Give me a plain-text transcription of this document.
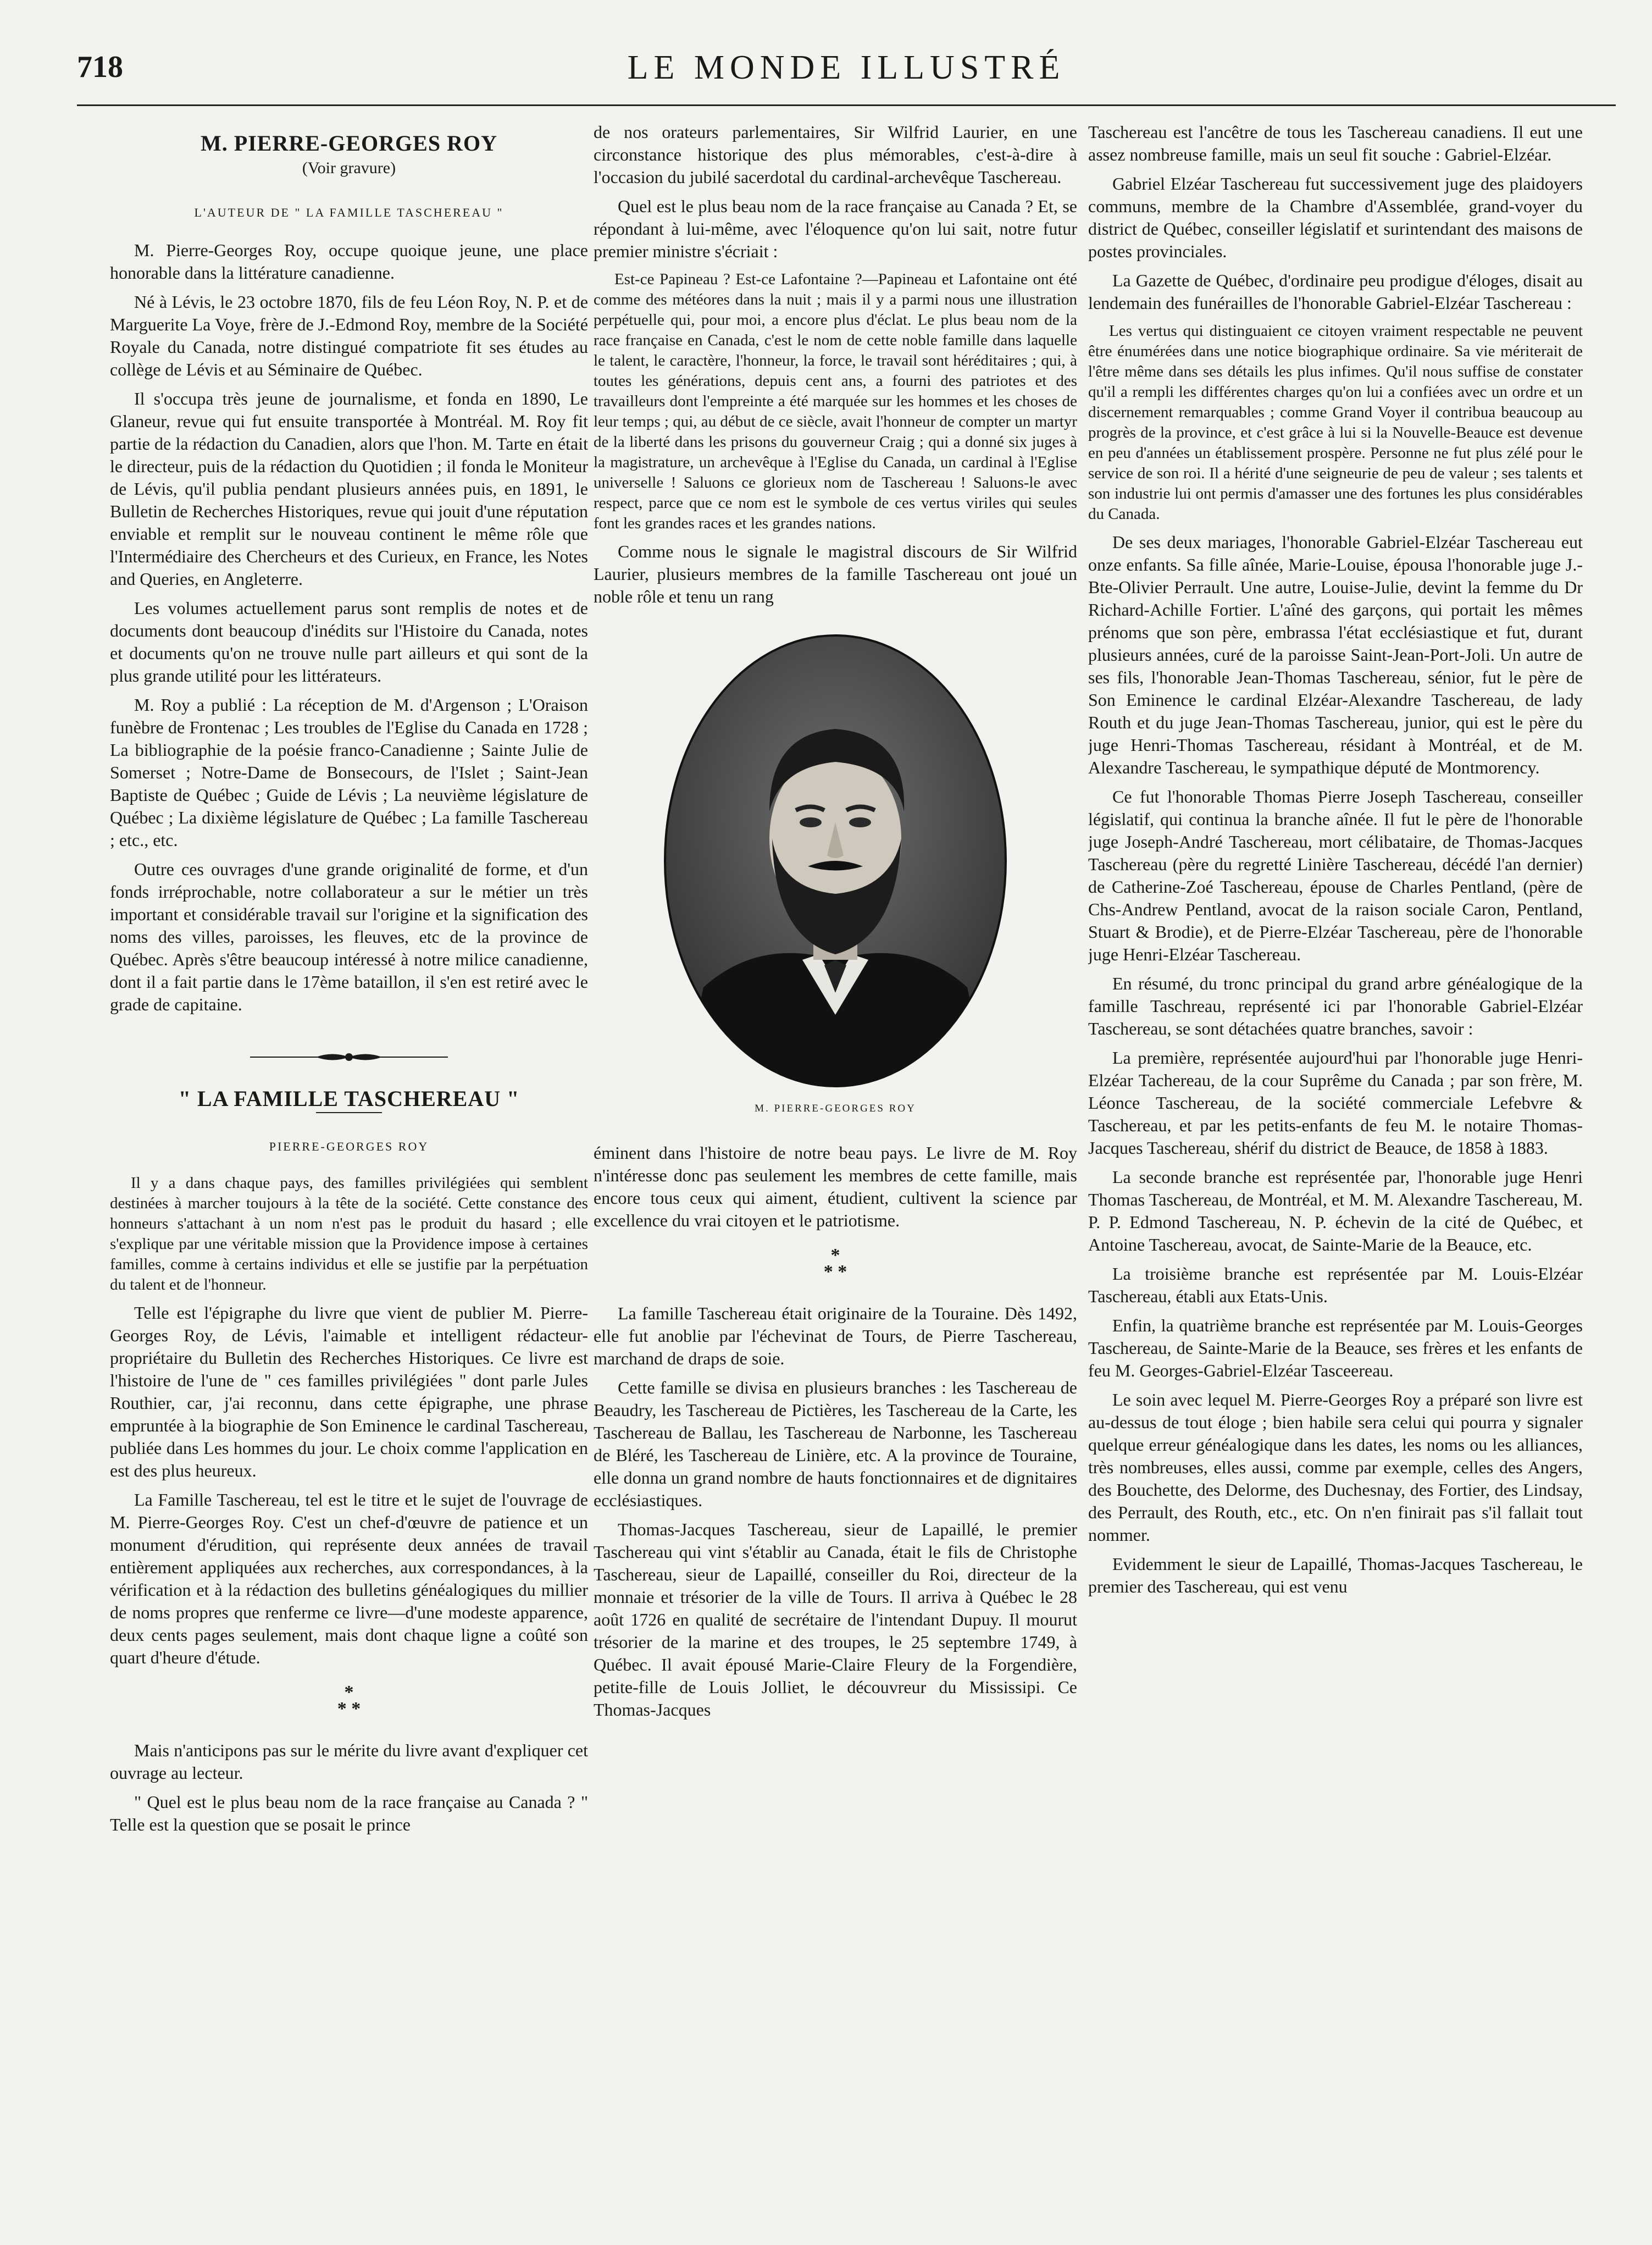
718	LE MONDE ILLUSTRÉ
M. PIERRE-GEORGES ROY
(Voir gravure)
L'AUTEUR DE " LA FAMILLE TASCHEREAU "

M. Pierre-Georges Roy, occupe quoique jeune, une place honorable dans la littérature canadienne.

Né à Lévis, le 23 octobre 1870, fils de feu Léon Roy, N. P. et de Marguerite La Voye, frère de J.-Edmond Roy, membre de la Société Royale du Canada, notre distingué compatriote fit ses études au collège de Lévis et au Séminaire de Québec.

Il s'occupa très jeune de journalisme, et fonda en 1890, Le Glaneur, revue qui fut ensuite transportée à Montréal. M. Roy fit partie de la rédaction du Canadien, alors que l'hon. M. Tarte en était le directeur, puis de la rédaction du Quotidien ; il fonda le Moniteur de Lévis, qu'il publia pendant plusieurs années puis, en 1891, le Bulletin de Recherches Historiques, revue qui jouit d'une réputation enviable et remplit sur le nouveau continent le même rôle que l'Intermédiaire des Chercheurs et des Curieux, en France, les Notes and Queries, en Angleterre.

Les volumes actuellement parus sont remplis de notes et de documents dont beaucoup d'inédits sur l'Histoire du Canada, notes et documents qu'on ne trouve nulle part ailleurs et qui sont de la plus grande utilité pour les littérateurs.

M. Roy a publié : La réception de M. d'Argenson ; L'Oraison funèbre de Frontenac ; Les troubles de l'Eglise du Canada en 1728 ; La bibliographie de la poésie franco-Canadienne ; Sainte Julie de Somerset ; Notre-Dame de Bonsecours, de l'Islet ; Saint-Jean Baptiste de Québec ; Guide de Lévis ; La neuvième législature de Québec ; La dixième législature de Québec ; La famille Taschereau ; etc., etc.

Outre ces ouvrages d'une grande originalité de forme, et d'un fonds irréprochable, notre collaborateur a sur le métier un très important et considérable travail sur l'origine et la signification des noms des villes, paroisses, les fleuves, etc de la province de Québec. Après s'être beaucoup intéressé à notre milice canadienne, dont il a fait partie dans le 17ème bataillon, il s'en est retiré avec le grade de capitaine.

" LA FAMILLE TASCHEREAU "
PIERRE-GEORGES ROY

Il y a dans chaque pays, des familles privilégiées qui semblent destinées à marcher toujours à la tête de la société. Cette constance des honneurs s'attachant à un nom n'est pas le produit du hasard ; elle s'explique par une véritable mission que la Providence impose à certaines familles, comme à certains individus et elle se justifie par la perpétuation du talent et de l'honneur.

Telle est l'épigraphe du livre que vient de publier M. Pierre-Georges Roy, de Lévis, l'aimable et intelligent rédacteur-propriétaire du Bulletin des Recherches Historiques. Ce livre est l'histoire de l'une de " ces familles privilégiées " dont parle Jules Routhier, car, j'ai reconnu, dans cette épigraphe, une phrase empruntée à la biographie de Son Eminence le cardinal Taschereau, publiée dans Les hommes du jour. Le choix comme l'application en est des plus heureux.

La Famille Taschereau, tel est le titre et le sujet de l'ouvrage de M. Pierre-Georges Roy. C'est un chef-d'œuvre de patience et un monument d'érudition, qui représente deux années de travail entièrement appliquées aux recherches, aux correspondances, à la vérification et à la rédaction des bulletins généalogiques du millier de noms propres que renferme ce livre—d'une modeste apparence, deux cents pages seulement, mais dont chaque ligne a coûté son quart d'heure d'étude.

*
* *

Mais n'anticipons pas sur le mérite du livre avant d'expliquer cet ouvrage au lecteur.

" Quel est le plus beau nom de la race française au Canada ? " Telle est la question que se posait le prince

de nos orateurs parlementaires, Sir Wilfrid Laurier, en une circonstance historique des plus mémorables, c'est-à-dire à l'occasion du jubilé sacerdotal du cardinal-archevêque Taschereau.

Quel est le plus beau nom de la race française au Canada ? Et, se répondant à lui-même, avec l'éloquence qu'on lui sait, notre futur premier ministre s'écriait :

Est-ce Papineau ? Est-ce Lafontaine ?—Papineau et Lafontaine ont été comme des météores dans la nuit ; mais il y a parmi nous une illustration perpétuelle qui, pour moi, a encore plus d'éclat. Le plus beau nom de la race française en Canada, c'est le nom de cette noble famille dans laquelle le talent, le caractère, l'honneur, la force, le travail sont héréditaires ; qui, à toutes les générations, depuis cent ans, a fourni des patriotes et des travailleurs dont l'empreinte a été marquée sur les hommes et les choses de leur temps ; qui, au début de ce siècle, avait l'honneur de compter un martyr de la liberté dans les prisons du gouverneur Craig ; qui a donné six juges à la magistrature, un archevêque à l'Eglise du Canada, un cardinal à l'Eglise universelle ! Saluons ce glorieux nom de Taschereau ! Saluons-le avec respect, parce que ce nom est le symbole de ces vertus viriles qui seules font les grandes races et les grandes nations.

Comme nous le signale le magistral discours de Sir Wilfrid Laurier, plusieurs membres de la famille Taschereau ont joué un noble rôle et tenu un rang

M. PIERRE-GEORGES ROY

éminent dans l'histoire de notre beau pays. Le livre de M. Roy n'intéresse donc pas seulement les membres de cette famille, mais encore tous ceux qui aiment, étudient, cultivent la science par excellence du vrai citoyen et le patriotisme.

*
* *

La famille Taschereau était originaire de la Touraine. Dès 1492, elle fut anoblie par l'échevinat de Tours, de Pierre Taschereau, marchand de draps de soie.

Cette famille se divisa en plusieurs branches : les Taschereau de Beaudry, les Taschereau de Pictières, les Taschereau de la Carte, les Taschereau de Ballau, les Taschereau de Narbonne, les Taschereau de Bléré, les Taschereau de Linière, etc. A la province de Touraine, elle donna un grand nombre de hauts fonctionnaires et de dignitaires ecclésiastiques.

Thomas-Jacques Taschereau, sieur de Lapaillé, le premier Taschereau qui vint s'établir au Canada, était le fils de Christophe Taschereau, sieur de Lapaillé, conseiller du Roi, directeur de la monnaie et trésorier de la ville de Tours. Il arriva à Québec le 28 août 1726 en qualité de secrétaire de l'intendant Dupuy. Il mourut trésorier de la marine et des troupes, le 25 septembre 1749, à Québec. Il avait épousé Marie-Claire Fleury de la Forgendière, petite-fille de Louis Jolliet, le découvreur du Mississipi. Ce Thomas-Jacques

Taschereau est l'ancêtre de tous les Taschereau canadiens. Il eut une assez nombreuse famille, mais un seul fit souche : Gabriel-Elzéar.

Gabriel Elzéar Taschereau fut successivement juge des plaidoyers communs, membre de la Chambre d'Assemblée, grand-voyer du district de Québec, conseiller législatif et surintendant des maisons de postes provinciales.

La Gazette de Québec, d'ordinaire peu prodigue d'éloges, disait au lendemain des funérailles de l'honorable Gabriel-Elzéar Taschereau :

Les vertus qui distinguaient ce citoyen vraiment respectable ne peuvent être énumérées dans une notice biographique ordinaire. Sa vie mériterait de l'être même dans ses détails les plus infimes. Qu'il nous suffise de constater qu'il a rempli les différentes charges qu'on lui a confiées avec un ordre et un discernement remarquables ; comme Grand Voyer il contribua beaucoup au progrès de la province, et c'est grâce à lui si la Nouvelle-Beauce est devenue en peu d'années un établissement prospère. Personne ne fut plus zélé pour le service de son roi. Il a hérité d'une seigneurie de peu de valeur ; ses talents et son industrie lui ont permis d'amasser une des fortunes les plus considérables du Canada.

De ses deux mariages, l'honorable Gabriel-Elzéar Taschereau eut onze enfants. Sa fille aînée, Marie-Louise, épousa l'honorable juge J.-Bte-Olivier Perrault. Une autre, Louise-Julie, devint la femme du Dr Richard-Achille Fortier. L'aîné des garçons, qui portait les mêmes prénoms que son père, embrassa l'état ecclésiastique et fut, durant plusieurs années, curé de la paroisse Saint-Jean-Port-Joli. Un autre de ses fils, l'honorable Jean-Thomas Taschereau, sénior, fut le père de Son Eminence le cardinal Elzéar-Alexandre Taschereau, de lady Routh et du juge Jean-Thomas Taschereau, junior, qui est le père du juge Henri-Thomas Taschereau, résidant à Montréal, et de M. Alexandre Taschereau, le sympathique député de Montmorency.

Ce fut l'honorable Thomas Pierre Joseph Taschereau, conseiller législatif, qui continua la branche aînée. Il fut le père de l'honorable juge Joseph-André Taschereau, mort célibataire, de Thomas-Jacques Taschereau (père du regretté Linière Taschereau, décédé l'an dernier) de Catherine-Zoé Taschereau, épouse de Charles Pentland, (père de Chs-Andrew Pentland, avocat de la raison sociale Caron, Pentland, Stuart & Brodie), et de Pierre-Elzéar Taschereau, père de l'honorable juge Henri-Elzéar Taschereau.

En résumé, du tronc principal du grand arbre généalogique de la famille Taschreau, représenté ici par l'honorable Gabriel-Elzéar Taschereau, se sont détachées quatre branches, savoir :

La première, représentée aujourd'hui par l'honorable juge Henri-Elzéar Tachereau, de la cour Suprême du Canada ; par son frère, M. Léonce Taschereau, de la société commerciale Lefebvre & Taschereau, et par les petits-enfants de feu M. le notaire Thomas-Jacques Taschereau, shérif du district de Beauce, de 1858 à 1883.

La seconde branche est représentée par, l'honorable juge Henri Thomas Taschereau, de Montréal, et M. M. Alexandre Taschereau, M. P. P. Edmond Taschereau, N. P. échevin de la cité de Québec, et Antoine Taschereau, avocat, de Sainte-Marie de la Beauce, etc.

La troisième branche est représentée par M. Louis-Elzéar Taschereau, établi aux Etats-Unis.

Enfin, la quatrième branche est représentée par M. Louis-Georges Taschereau, de Sainte-Marie de la Beauce, ses frères et les enfants de feu M. Georges-Gabriel-Elzéar Tasceereau.

Le soin avec lequel M. Pierre-Georges Roy a préparé son livre est au-dessus de tout éloge ; bien habile sera celui qui pourra y signaler quelque erreur généalogique dans les dates, les noms ou les alliances, très nombreuses, elles aussi, comme par exemple, celles des Angers, des Bouchette, des Delorme, des Duchesnay, des Fortier, des Lindsay, des Perrault, des Routh, etc., etc. On n'en finirait pas s'il fallait tout nommer.

Evidemment le sieur de Lapaillé, Thomas-Jacques Taschereau, le premier des Taschereau, qui est venu
